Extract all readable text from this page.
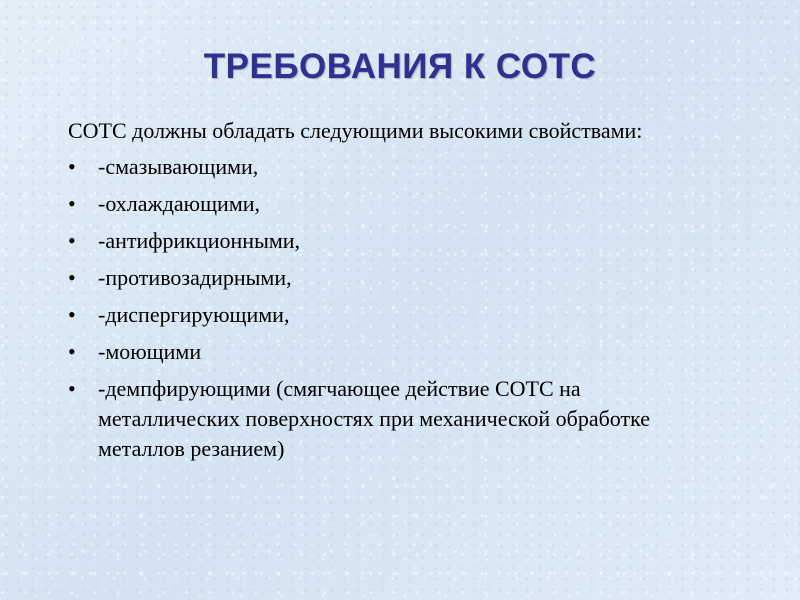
ТРЕБОВАНИЯ К СОТС

СОТС должны обладать следующими высокими свойствами:

•	-смазывающими,
•	-охлаждающими,
•	-антифрикционными,
•	-противозадирными,
•	-диспергирующими,
•	-моющими
•	-демпфирующими (смягчающее действие СОТС на металлических поверхностях при механической обработке металлов резанием)
